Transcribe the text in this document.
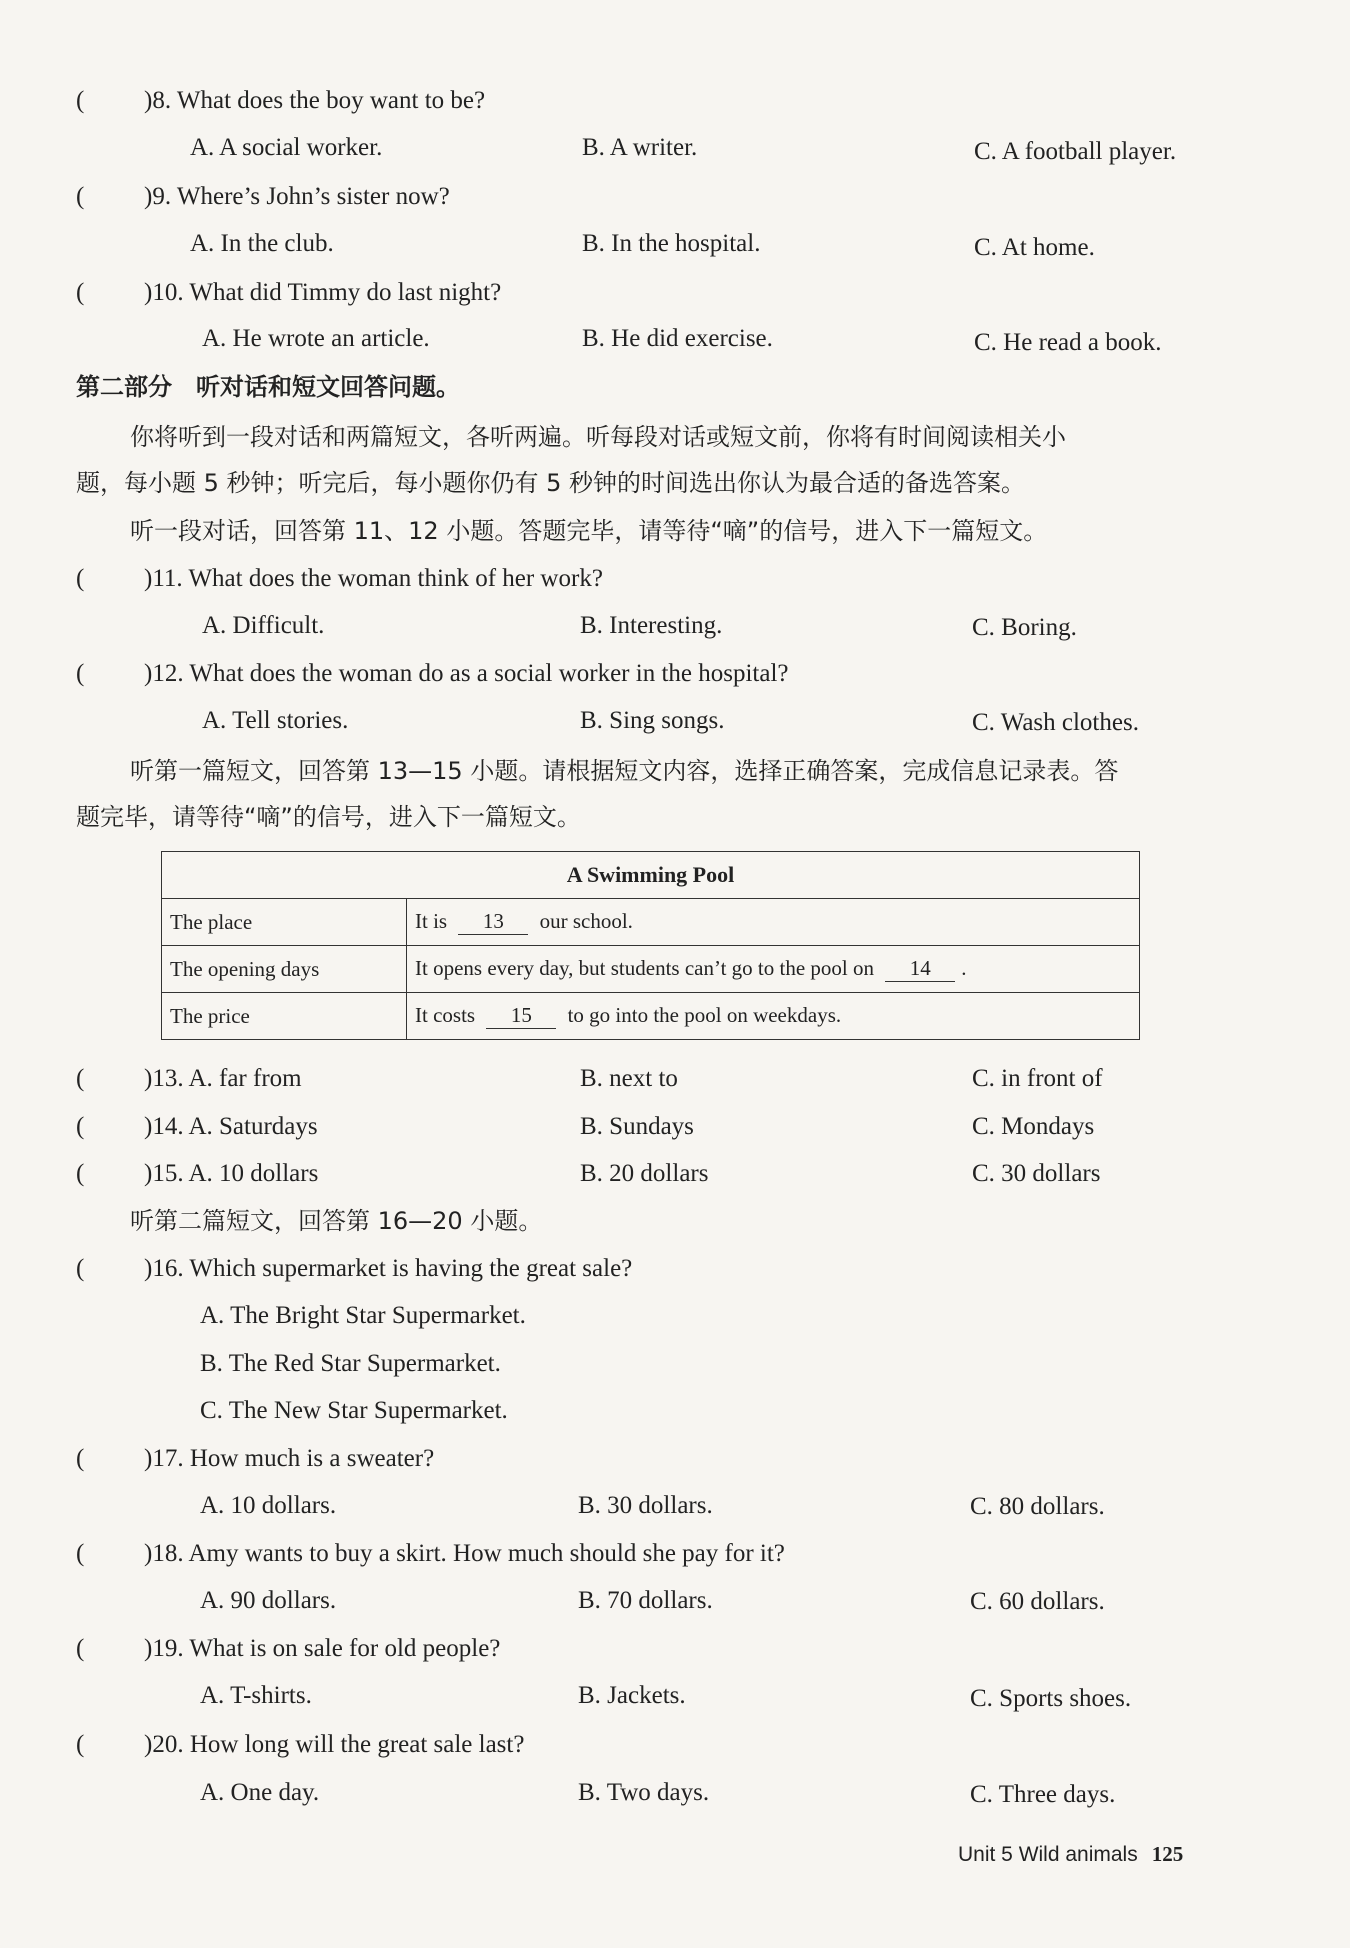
( )8. What does the boy want to be?
A. A social worker.	B. A writer.	C. A football player.
( )9. Where’s John’s sister now?
A. In the club.	B. In the hospital.	C. At home.
( )10. What did Timmy do last night?
A. He wrote an article.	B. He did exercise.	C. He read a book.
第二部分　听对话和短文回答问题。
你将听到一段对话和两篇短文，各听两遍。听每段对话或短文前，你将有时间阅读相关小
题，每小题 5 秒钟；听完后，每小题你仍有 5 秒钟的时间选出你认为最合适的备选答案。
听一段对话，回答第 11、12 小题。答题完毕，请等待“嘀”的信号，进入下一篇短文。
( )11. What does the woman think of her work?
A. Difficult.	B. Interesting.	C. Boring.
( )12. What does the woman do as a social worker in the hospital?
A. Tell stories.	B. Sing songs.	C. Wash clothes.
听第一篇短文，回答第 13—15 小题。请根据短文内容，选择正确答案，完成信息记录表。答
题完毕，请等待“嘀”的信号，进入下一篇短文。
A Swimming Pool	
The place	It is 13 our school.
The opening days	It opens every day, but students can’t go to the pool on 14 .
The price	It costs 15 to go into the pool on weekdays.
( )13. A. far from	B. next to	C. in front of
( )14. A. Saturdays	B. Sundays	C. Mondays
( )15. A. 10 dollars	B. 20 dollars	C. 30 dollars
听第二篇短文，回答第 16—20 小题。
( )16. Which supermarket is having the great sale?
A. The Bright Star Supermarket.
B. The Red Star Supermarket.
C. The New Star Supermarket.
( )17. How much is a sweater?
A. 10 dollars.	B. 30 dollars.	C. 80 dollars.
( )18. Amy wants to buy a skirt. How much should she pay for it?
A. 90 dollars.	B. 70 dollars.	C. 60 dollars.
( )19. What is on sale for old people?
A. T-shirts.	B. Jackets.	C. Sports shoes.
( )20. How long will the great sale last?
A. One day.	B. Two days.	C. Three days.
Unit 5 Wild animals 125
